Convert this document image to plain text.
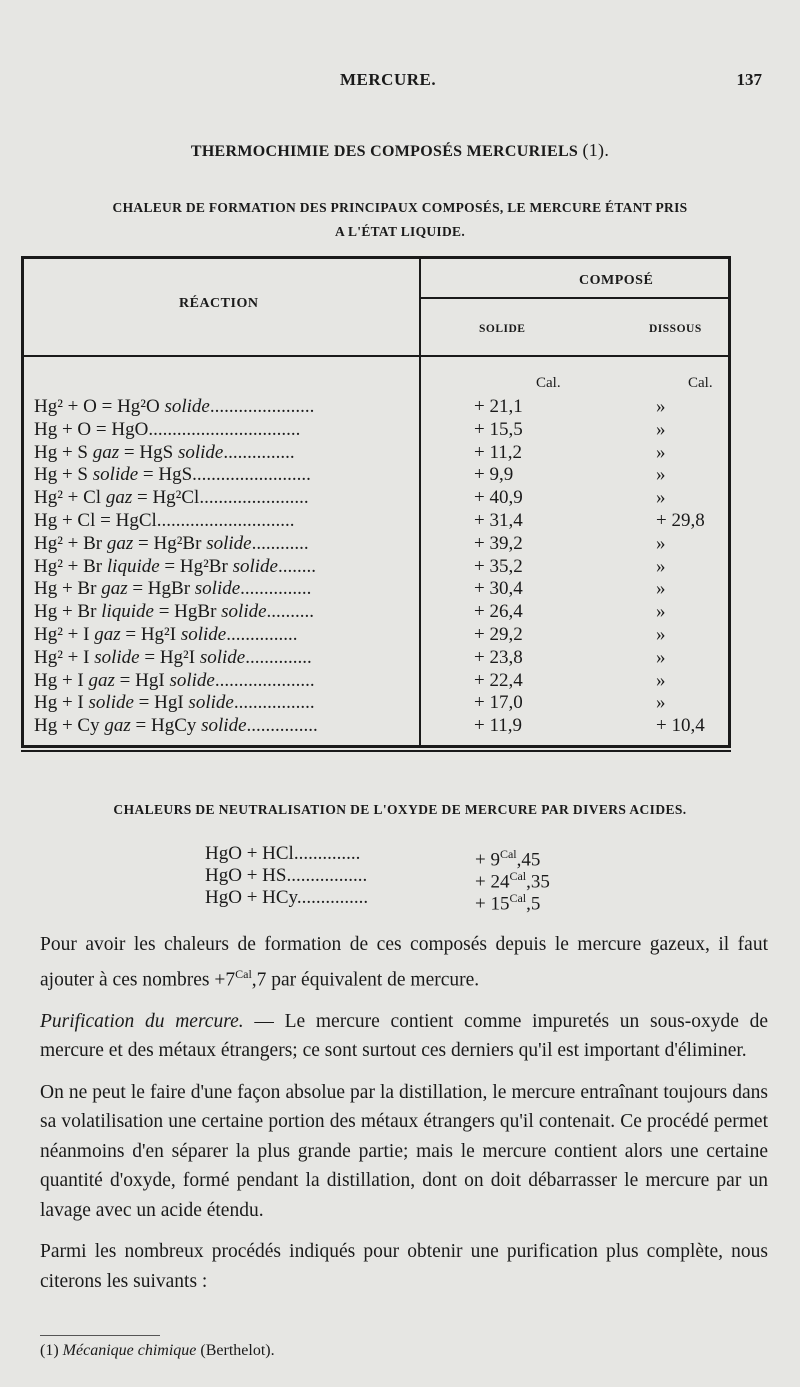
MERCURE.	137
THERMOCHIMIE DES COMPOSÉS MERCURIELS (1).
CHALEUR DE FORMATION DES PRINCIPAUX COMPOSÉS, LE MERCURE ÉTANT PRIS
A L'ÉTAT LIQUIDE.
RÉACTION
COMPOSÉ
SOLIDE	DISSOUS
Cal.	Cal.
Hg² + O = Hg²O solide......................	+ 21,1	»
Hg + O = HgO................................	+ 15,5	»
Hg + S gaz = HgS solide...............	+ 11,2	»
Hg + S solide = HgS.........................	+ 9,9	»
Hg² + Cl gaz = Hg²Cl.......................	+ 40,9	»
Hg + Cl = HgCl.............................	+ 31,4	+ 29,8
Hg² + Br gaz = Hg²Br solide............	+ 39,2	»
Hg² + Br liquide = Hg²Br solide........	+ 35,2	»
Hg + Br gaz = HgBr solide...............	+ 30,4	»
Hg + Br liquide = HgBr solide..........	+ 26,4	»
Hg² + I gaz = Hg²I solide...............	+ 29,2	»
Hg² + I solide = Hg²I solide..............	+ 23,8	»
Hg + I gaz = HgI solide.....................	+ 22,4	»
Hg + I solide = HgI solide.................	+ 17,0	»
Hg + Cy gaz = HgCy solide...............	+ 11,9	+ 10,4
CHALEURS DE NEUTRALISATION DE L'OXYDE DE MERCURE PAR DIVERS ACIDES.
HgO + HCl..............	+ $9^{Cal},45$
HgO + HS.................	+ $24^{Cal},35$
HgO + HCy...............	+ $15^{Cal},5$

Pour avoir les chaleurs de formation de ces composés depuis le mercure gazeux, il faut ajouter à ces nombres $+7^{Cal},7$ par équivalent de mercure.

Purification du mercure. — Le mercure contient comme impuretés un sous-oxyde de mercure et des métaux étrangers; ce sont surtout ces derniers qu'il est important d'éliminer.

On ne peut le faire d'une façon absolue par la distillation, le mercure entraînant toujours dans sa volatilisation une certaine portion des métaux étrangers qu'il contenait. Ce procédé permet néanmoins d'en séparer la plus grande partie; mais le mercure contient alors une certaine quantité d'oxyde, formé pendant la distillation, dont on doit débarrasser le mercure par un lavage avec un acide étendu.

Parmi les nombreux procédés indiqués pour obtenir une purification plus complète, nous citerons les suivants :

(1) Mécanique chimique (Berthelot).
